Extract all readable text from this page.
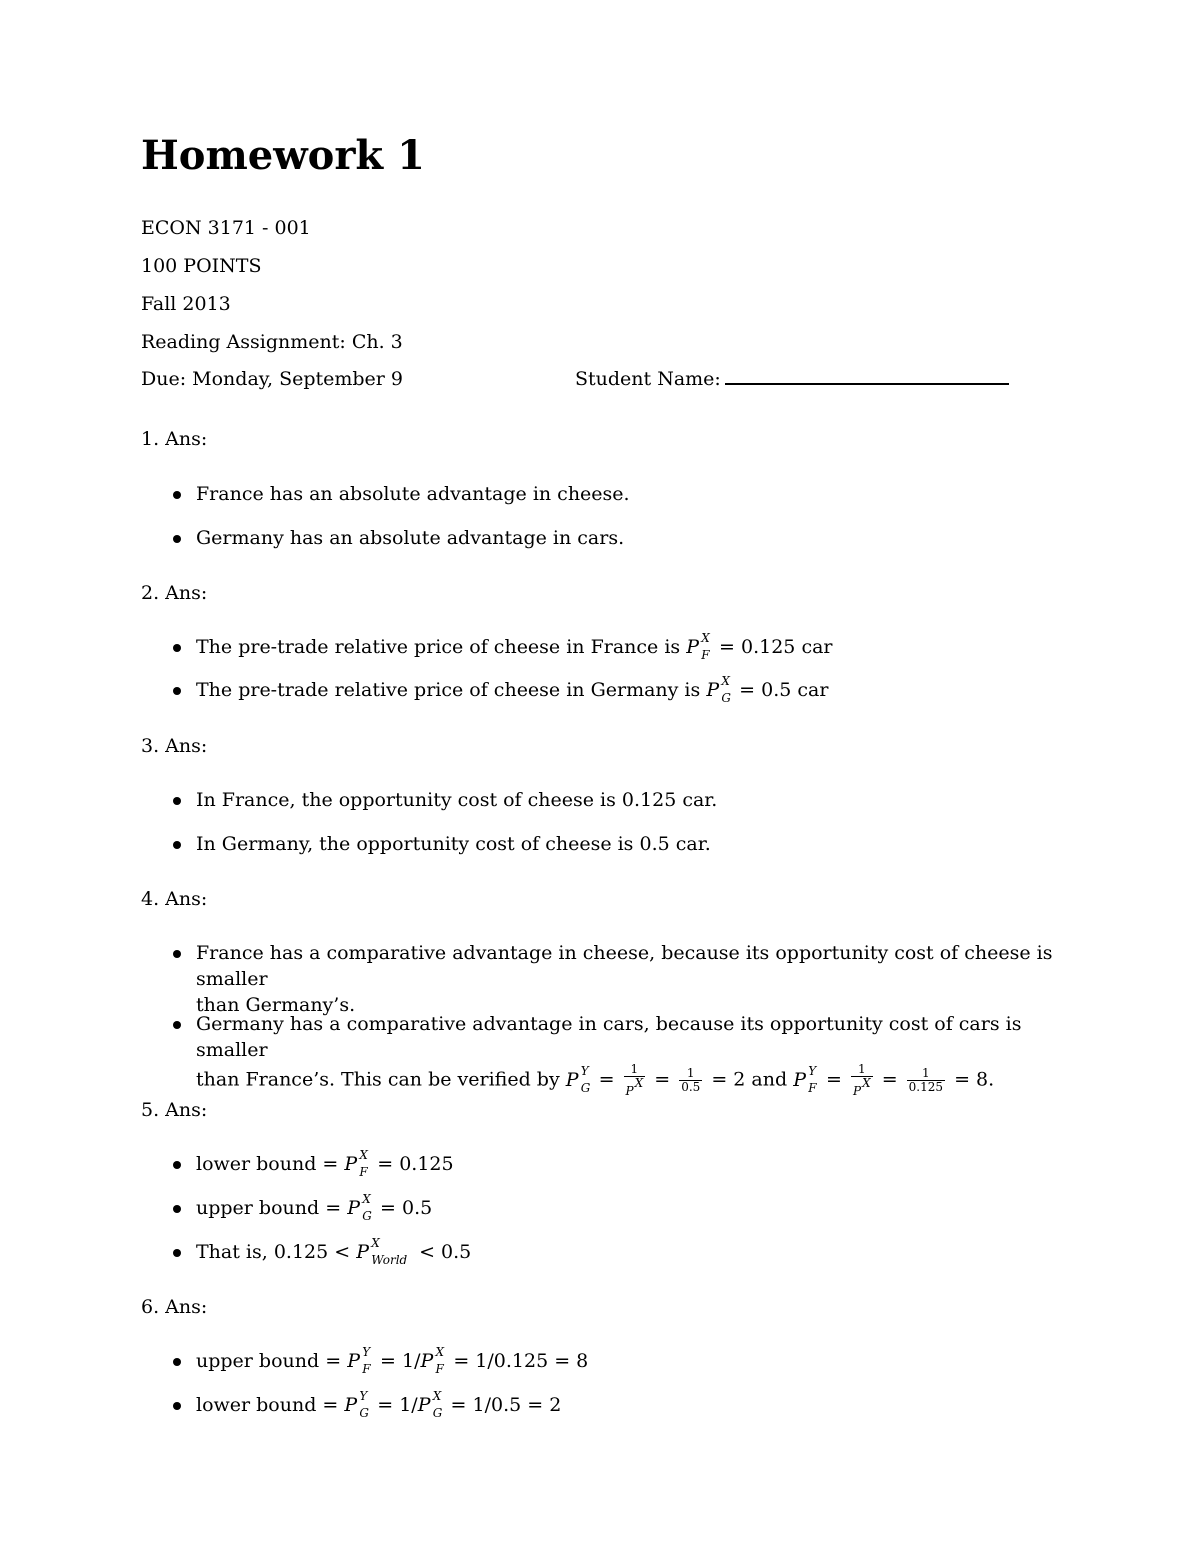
Homework 1
ECON 3171 - 001
100 POINTS
Fall 2013
Reading Assignment: Ch. 3
Due: Monday, September 9	Student Name:
1. Ans:
France has an absolute advantage in cheese.
Germany has an absolute advantage in cars.
2. Ans:
The pre-trade relative price of cheese in France is P X
F = 0.125 car
The pre-trade relative price of cheese in Germany is P X
G = 0.5 car
3. Ans:
In France, the opportunity cost of cheese is 0.125 car.
In Germany, the opportunity cost of cheese is 0.5 car.
4. Ans:
France has a comparative advantage in cheese, because its opportunity cost of cheese is smaller
than Germany’s.
Germany has a comparative advantage in cars, because its opportunity cost of cars is smaller
than France’s. This can be verified by P Y
$G = \frac{1}{PX} = \frac{1}{0.5} = 2$ and P Y
$F = \frac{1}{PX} = \frac{1}{0.125} = 8$.
5. Ans:
lower bound = P X
F = 0.125
upper bound = P X
G = 0.5
That is, 0.125 < P X
World < 0.5
6. Ans:
upper bound = P Y
F = 1/P X
F = 1/0.125 = 8
lower bound = P Y
G = 1/P X
G = 1/0.5 = 2
